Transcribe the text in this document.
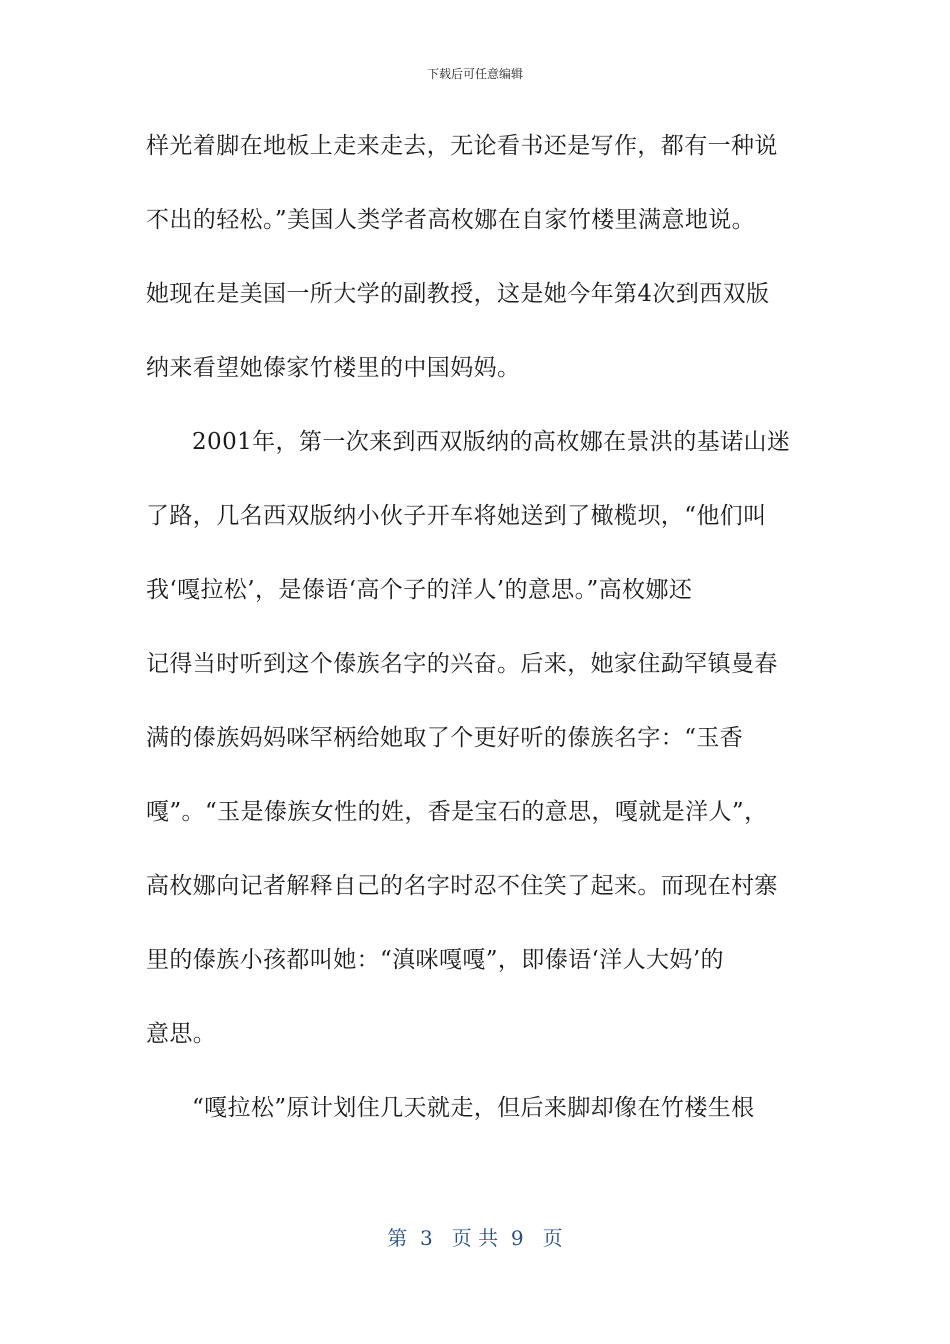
下载后可任意编辑
样光着脚在地板上走来走去，无论看书还是写作，都有一种说
不出的轻松。”美国人类学者高枚娜在自家竹楼里满意地说。
她现在是美国一所大学的副教授，这是她今年第4次到西双版
纳来看望她傣家竹楼里的中国妈妈。
2001年，第一次来到西双版纳的高枚娜在景洪的基诺山迷
了路，几名西双版纳小伙子开车将她送到了橄榄坝，“他们叫
我‘嘎拉松’，是傣语‘高个子的洋人’的意思。”高枚娜还
记得当时听到这个傣族名字的兴奋。后来，她家住勐罕镇曼春
满的傣族妈妈咪罕柄给她取了个更好听的傣族名字：“玉香
嘎”。“玉是傣族女性的姓，香是宝石的意思，嘎就是洋人”，
高枚娜向记者解释自己的名字时忍不住笑了起来。而现在村寨
里的傣族小孩都叫她：“滇咪嘎嘎”，即傣语‘洋人大妈’的
意思。
“嘎拉松”原计划住几天就走，但后来脚却像在竹楼生根
第  3   页 共  9   页
